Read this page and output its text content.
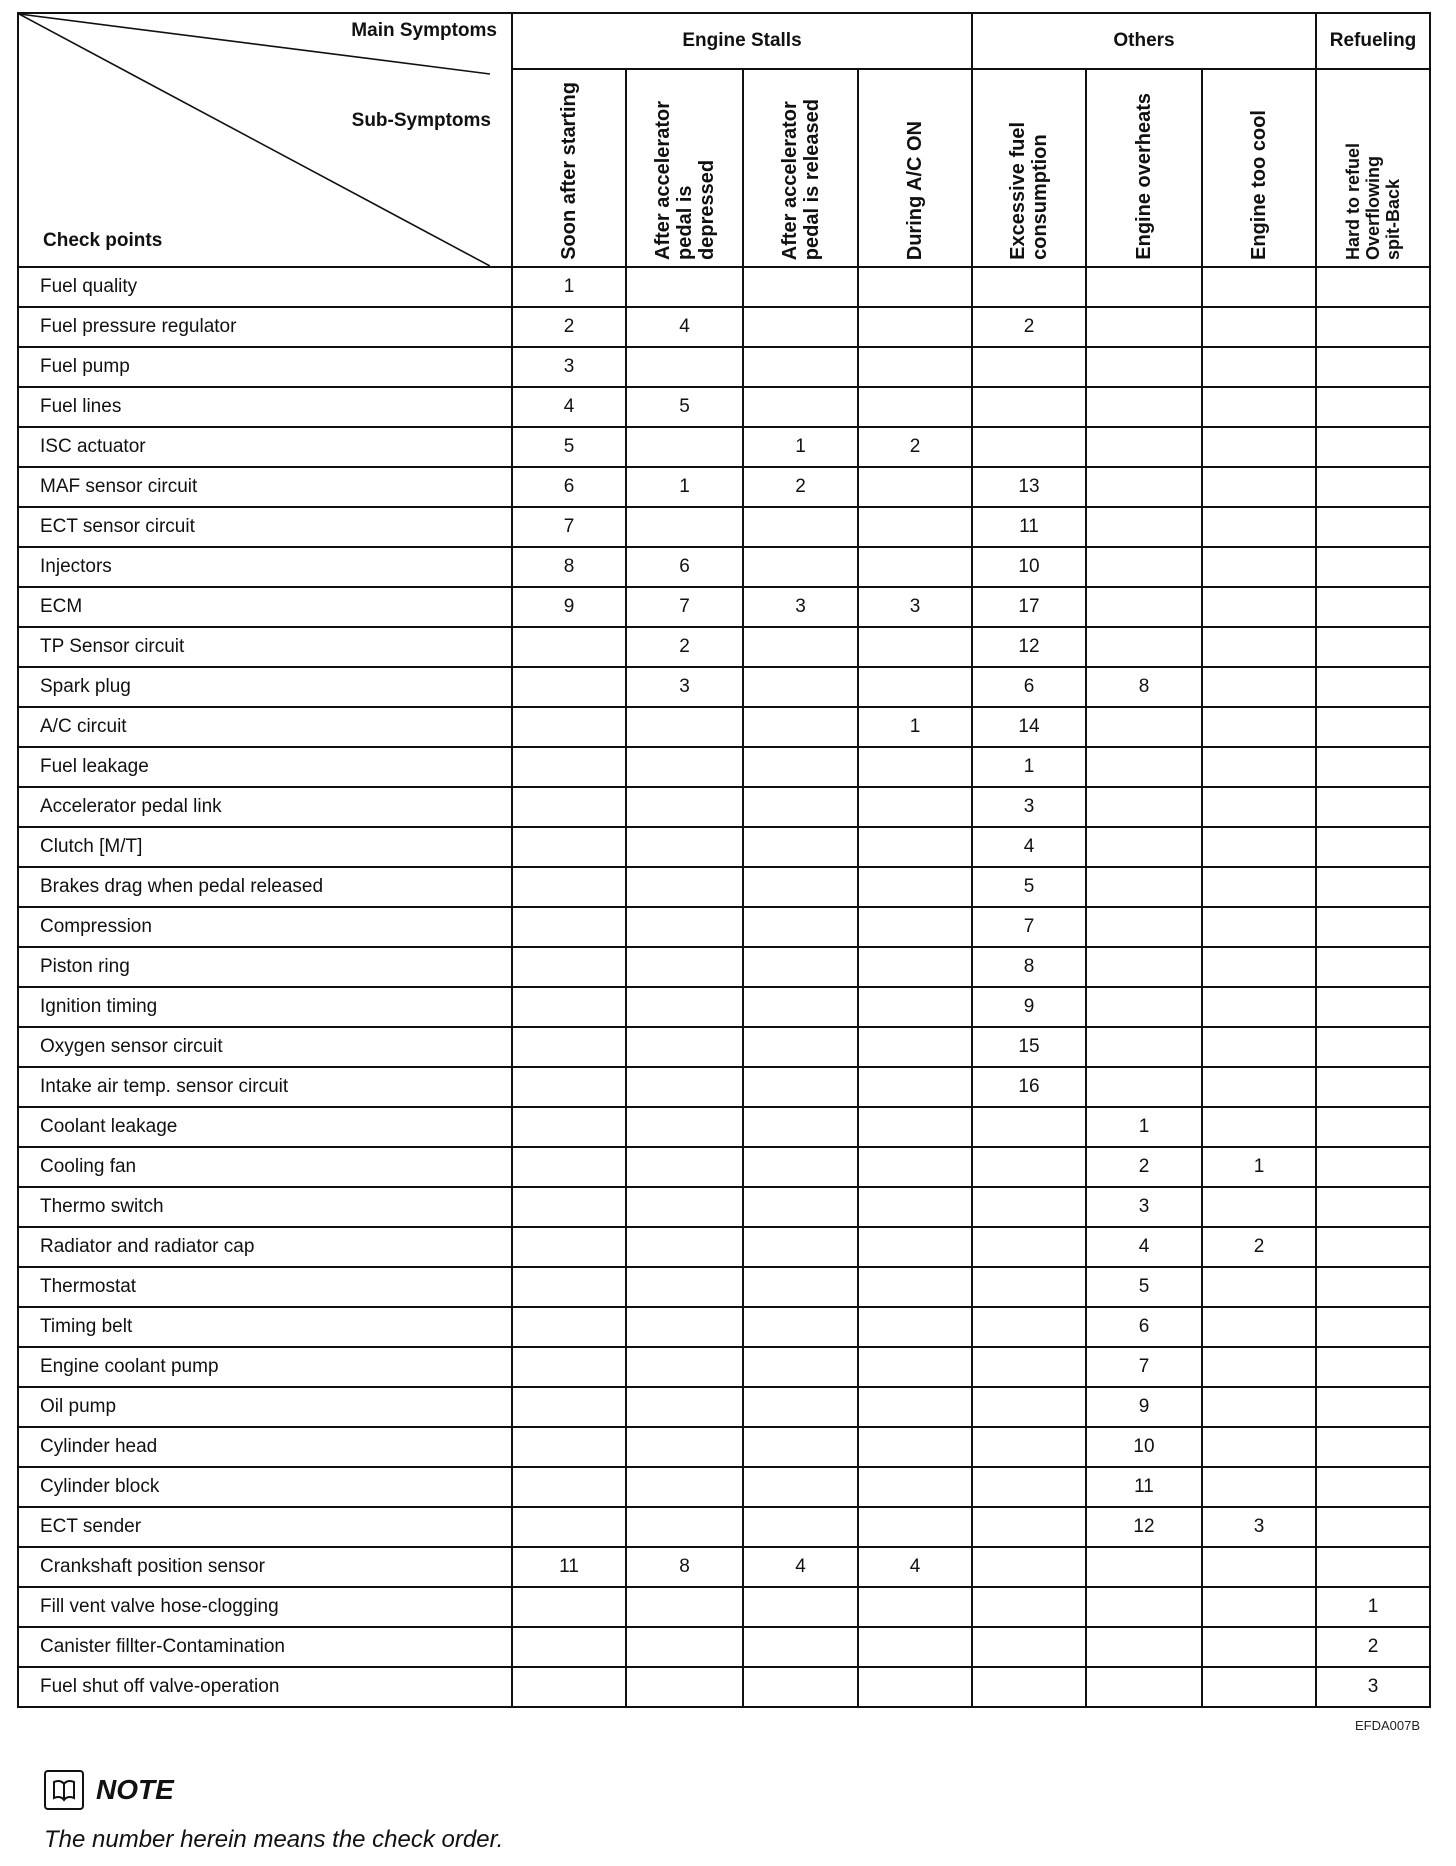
Main Symptoms
Sub-Symptoms
Check points	Engine Stalls				Others			Refueling

	Soon after starting	After accelerator
pedal is
depressed	After accelerator
pedal is released	During A/C ON	Excessive fuel
consumption	Engine overheats	Engine too cool	Hard to refuel
Overflowing
spit-Back

Fuel quality	1							
Fuel pressure regulator	2	4			2			
Fuel pump	3							
Fuel lines	4	5						
ISC actuator	5		1	2				
MAF sensor circuit	6	1	2		13			
ECT sensor circuit	7				11			
Injectors	8	6			10			
ECM	9	7	3	3	17			
TP Sensor circuit		2			12			
Spark plug		3			6	8		
A/C circuit				1	14			
Fuel leakage					1			
Accelerator pedal link					3			
Clutch [M/T]					4			
Brakes drag when pedal released					5			
Compression					7			
Piston ring					8			
Ignition timing					9			
Oxygen sensor circuit					15			
Intake air temp. sensor circuit					16			
Coolant leakage						1		
Cooling fan						2	1	
Thermo switch						3		
Radiator and radiator cap						4	2	
Thermostat						5		
Timing belt						6		
Engine coolant pump						7		
Oil pump						9		
Cylinder head						10		
Cylinder block						11		
ECT sender						12	3	
Crankshaft position sensor	11	8	4	4				
Fill vent valve hose-clogging								1
Canister fillter-Contamination								2
Fuel shut off valve-operation								3
EFDA007B
NOTE
The number herein means the check order.
